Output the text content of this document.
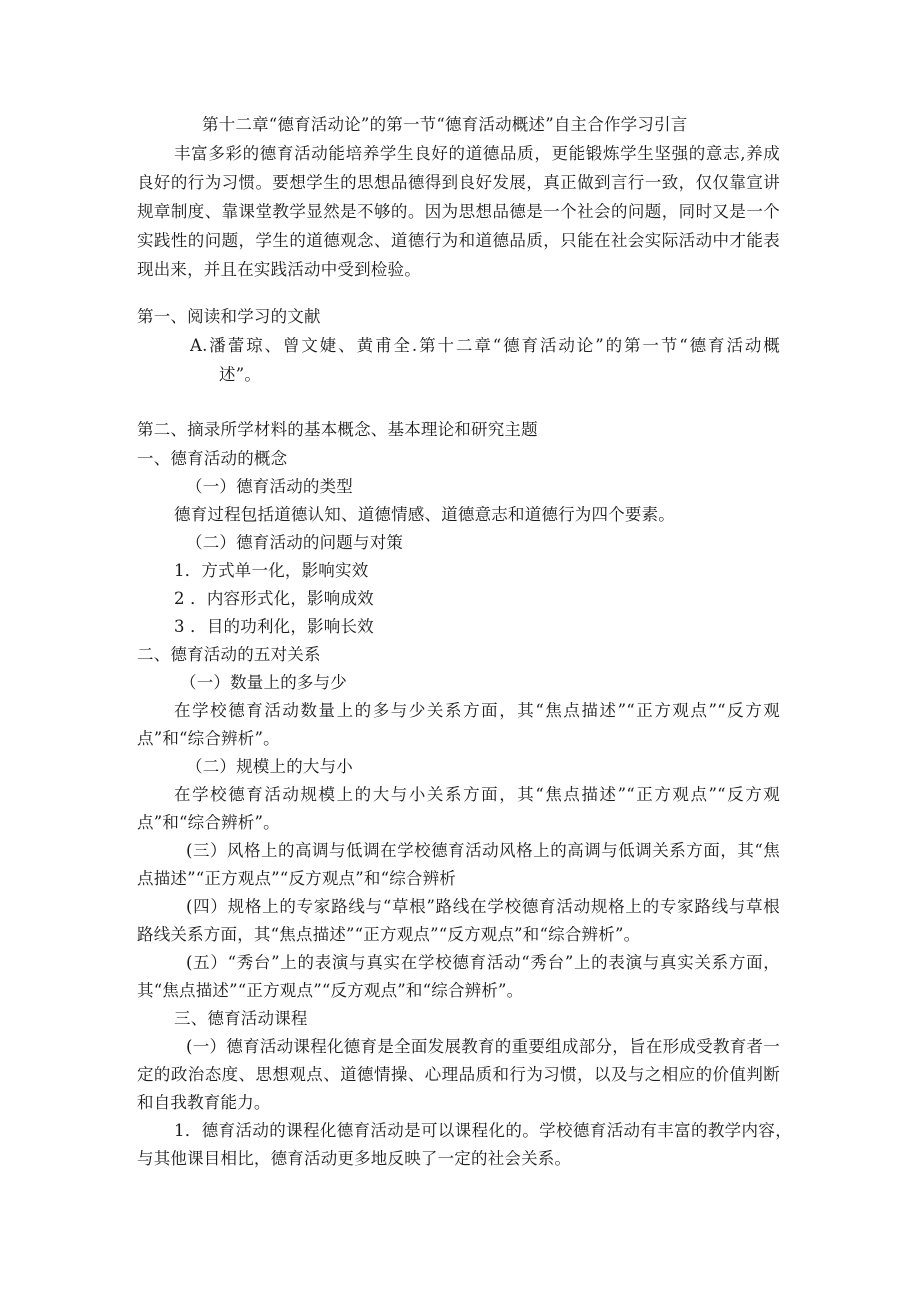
第十二章“德育活动论”的第一节“德育活动概述”自主合作学习引言
丰富多彩的德育活动能培养学生良好的道德品质，更能锻炼学生坚强的意志,养成
良好的行为习惯。要想学生的思想品德得到良好发展，真正做到言行一致，仅仅靠宣讲
规章制度、靠课堂教学显然是不够的。因为思想品德是一个社会的问题，同时又是一个
实践性的问题，学生的道德观念、道德行为和道德品质，只能在社会实际活动中才能表
现出来，并且在实践活动中受到检验。
第一、阅读和学习的文献
A.潘蕾琼、曾文婕、黄甫全.第十二章“德育活动论”的第一节“德育活动概
述”。
第二、摘录所学材料的基本概念、基本理论和研究主题
一、德育活动的概念
（一）德育活动的类型
德育过程包括道德认知、道德情感、道德意志和道德行为四个要素。
（二）德育活动的问题与对策
1．方式单一化，影响实效
2 ．内容形式化，影响成效
3 ．目的功利化，影响长效
二、德育活动的五对关系
（一）数量上的多与少
在学校德育活动数量上的多与少关系方面，其“焦点描述”“正方观点”“反方观
点”和“综合辨析”。
（二）规模上的大与小
在学校德育活动规模上的大与小关系方面，其“焦点描述”“正方观点”“反方观
点”和“综合辨析”。
(三）风格上的高调与低调在学校德育活动风格上的高调与低调关系方面，其“焦
点描述”“正方观点”“反方观点”和“综合辨析
(四）规格上的专家路线与“草根”路线在学校德育活动规格上的专家路线与草根
路线关系方面，其“焦点描述”“正方观点”“反方观点”和“综合辨析”。
(五）“秀台”上的表演与真实在学校德育活动“秀台”上的表演与真实关系方面，
其“焦点描述”“正方观点”“反方观点”和“综合辨析”。
三、德育活动课程
(一）德育活动课程化德育是全面发展教育的重要组成部分，旨在形成受教育者一
定的政治态度、思想观点、道德情操、心理品质和行为习惯，以及与之相应的价值判断
和自我教育能力。
1．德育活动的课程化德育活动是可以课程化的。学校德育活动有丰富的教学内容，
与其他课目相比，德育活动更多地反映了一定的社会关系。
